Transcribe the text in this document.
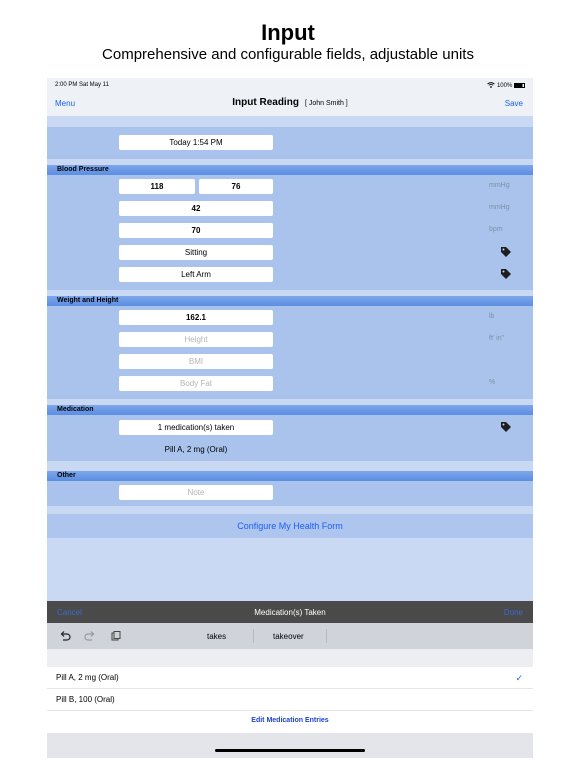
Input
Comprehensive and configurable fields, adjustable units
2:00 PM Sat May 11	100%
Menu	Input Reading [ John Smith ]	Save
Today 1:54 PM
Blood Pressure
118	76	mmHg
42	mmHg
70	bpm
Sitting
Left Arm
Weight and Height
162.1	lb
Height	ft' in"
BMI
Body Fat	%
Medication
1 medication(s) taken
Pill A, 2 mg (Oral)
Other
Note
Configure My Health Form
Cancel	Medication(s) Taken	Done
takes	takeover
Pill A, 2 mg (Oral)	✓
Pill B, 100 (Oral)
Edit Medication Entries
